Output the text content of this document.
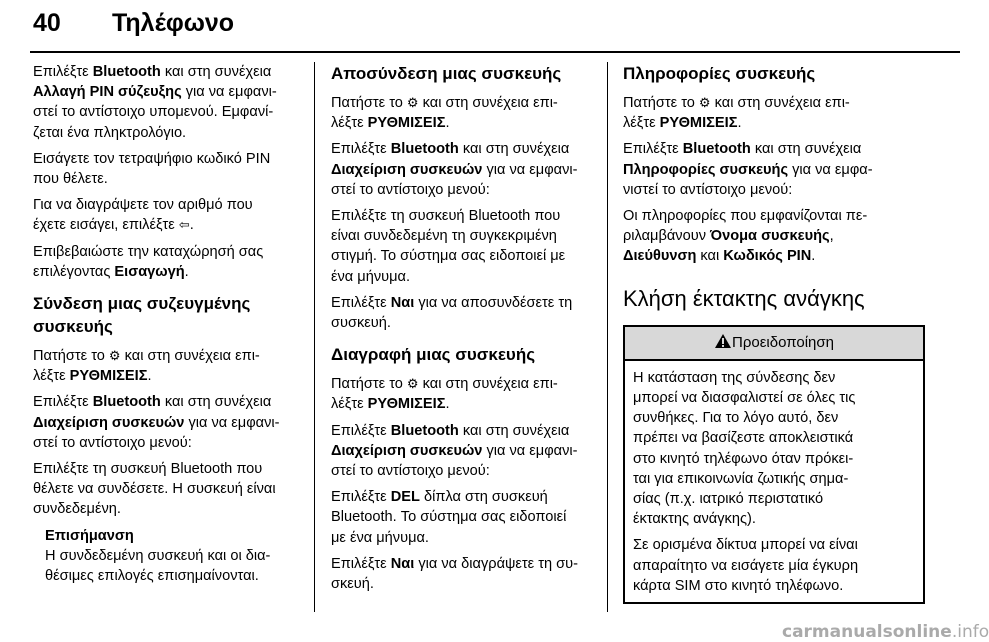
40 Τηλέφωνο

Επιλέξτε Bluetooth και στη συνέχεια
Αλλαγή PIN σύζευξης για να εμφανι-
στεί το αντίστοιχο υπομενού. Εμφανί-
ζεται ένα πληκτρολόγιο.

Εισάγετε τον τετραψήφιο κωδικό PIN
που θέλετε.

Για να διαγράψετε τον αριθμό που
έχετε εισάγει, επιλέξτε ⇦.

Επιβεβαιώστε την καταχώρησή σας
επιλέγοντας Εισαγωγή.

Σύνδεση μιας συζευγμένης
συσκευής

Πατήστε το ⚙ και στη συνέχεια επι-
λέξτε ΡΥΘΜΙΣΕΙΣ.

Επιλέξτε Bluetooth και στη συνέχεια
Διαχείριση συσκευών για να εμφανι-
στεί το αντίστοιχο μενού:

Επιλέξτε τη συσκευή Bluetooth που
θέλετε να συνδέσετε. Η συσκευή είναι
συνδεδεμένη.

Επισήμανση
Η συνδεδεμένη συσκευή και οι δια-
θέσιμες επιλογές επισημαίνονται.
Αποσύνδεση μιας συσκευής

Πατήστε το ⚙ και στη συνέχεια επι-
λέξτε ΡΥΘΜΙΣΕΙΣ.

Επιλέξτε Bluetooth και στη συνέχεια
Διαχείριση συσκευών για να εμφανι-
στεί το αντίστοιχο μενού:

Επιλέξτε τη συσκευή Bluetooth που
είναι συνδεδεμένη τη συγκεκριμένη
στιγμή. Το σύστημα σας ειδοποιεί με
ένα μήνυμα.

Επιλέξτε Ναι για να αποσυνδέσετε τη
συσκευή.

Διαγραφή μιας συσκευής

Πατήστε το ⚙ και στη συνέχεια επι-
λέξτε ΡΥΘΜΙΣΕΙΣ.

Επιλέξτε Bluetooth και στη συνέχεια
Διαχείριση συσκευών για να εμφανι-
στεί το αντίστοιχο μενού:

Επιλέξτε DEL δίπλα στη συσκευή
Bluetooth. Το σύστημα σας ειδοποιεί
με ένα μήνυμα.

Επιλέξτε Ναι για να διαγράψετε τη συ-
σκευή.

Πληροφορίες συσκευής

Πατήστε το ⚙ και στη συνέχεια επι-
λέξτε ΡΥΘΜΙΣΕΙΣ.

Επιλέξτε Bluetooth και στη συνέχεια
Πληροφορίες συσκευής για να εμφα-
νιστεί το αντίστοιχο μενού:

Οι πληροφορίες που εμφανίζονται πε-
ριλαμβάνουν Όνομα συσκευής,
Διεύθυνση και Κωδικός PIN.

Κλήση έκτακτης ανάγκης
Προειδοποίηση

Η κατάσταση της σύνδεσης δεν
μπορεί να διασφαλιστεί σε όλες τις
συνθήκες. Για το λόγο αυτό, δεν
πρέπει να βασίζεστε αποκλειστικά
στο κινητό τηλέφωνο όταν πρόκει-
ται για επικοινωνία ζωτικής σημα-
σίας (π.χ. ιατρικό περιστατικό
έκτακτης ανάγκης).

Σε ορισμένα δίκτυα μπορεί να είναι
απαραίτητο να εισάγετε μία έγκυρη
κάρτα SIM στο κινητό τηλέφωνο.

carmanualsonline.info
